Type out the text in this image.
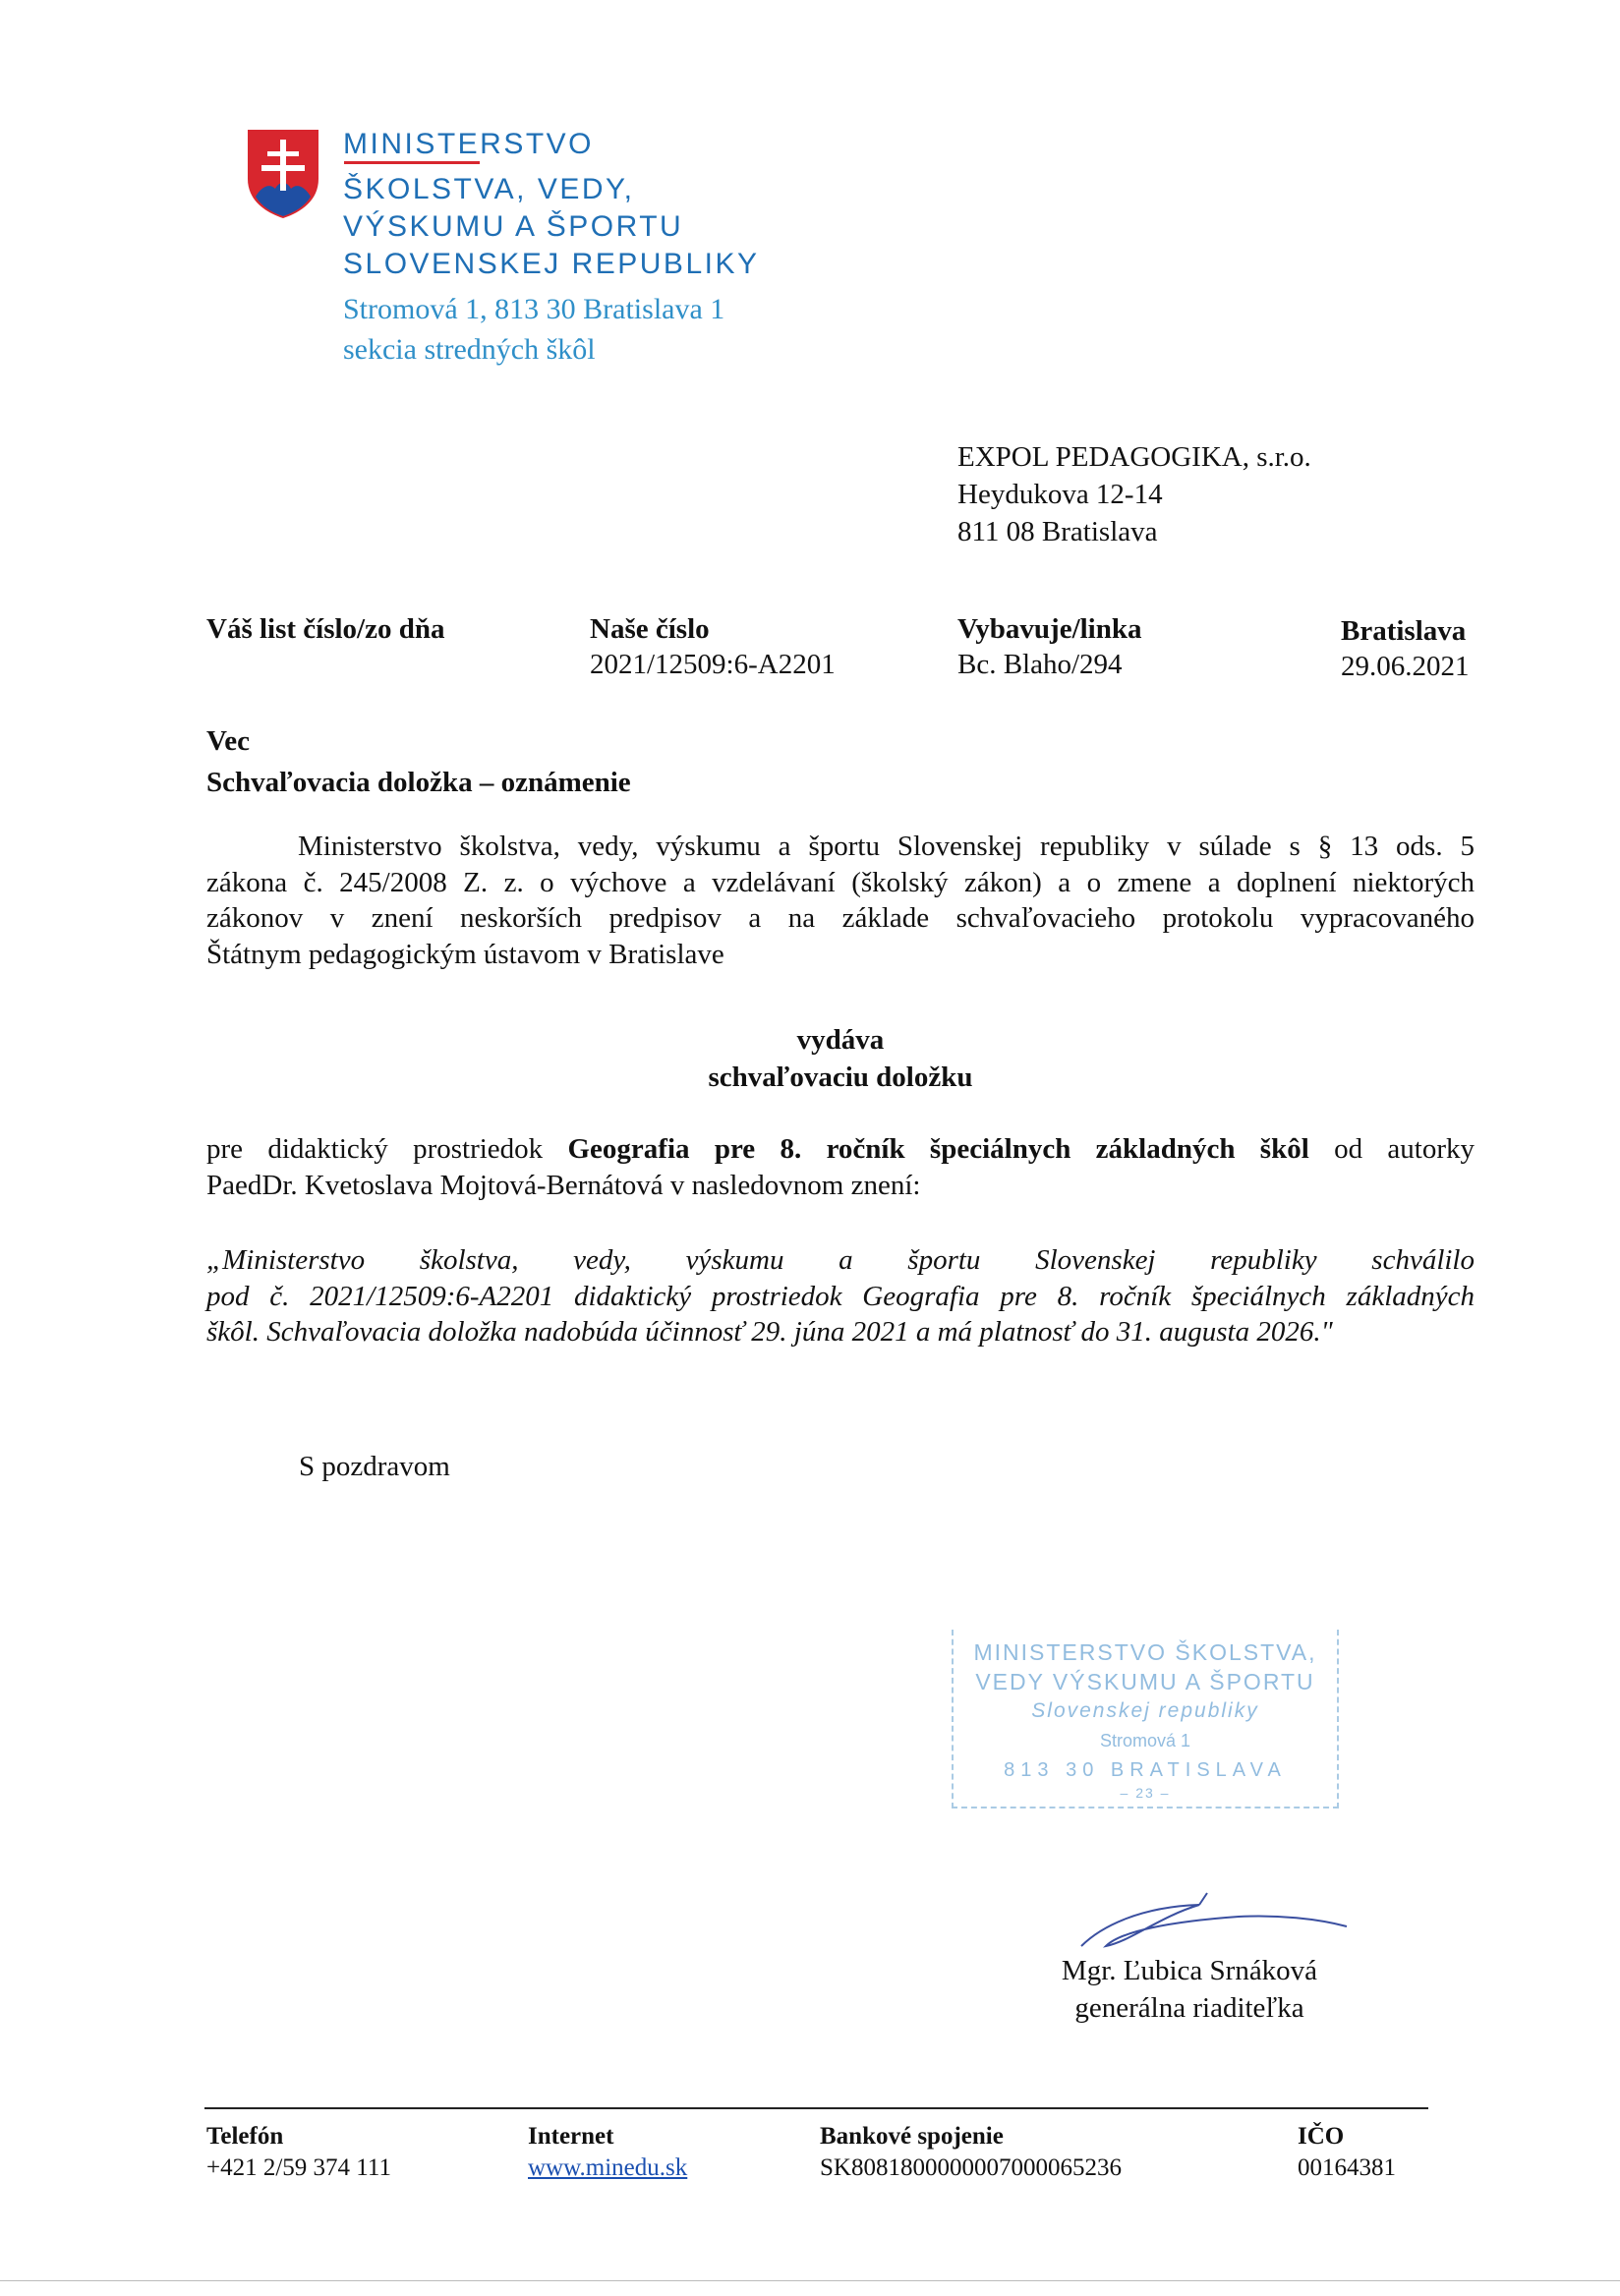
MINISTERSTVO
ŠKOLSTVA, VEDY,
VÝSKUMU A ŠPORTU
SLOVENSKEJ REPUBLIKY
Stromová 1, 813 30 Bratislava 1
sekcia stredných škôl
EXPOL PEDAGOGIKA, s.r.o.
Heydukova 12-14
811 08 Bratislava
Váš list číslo/zo dňa	Naše číslo
2021/12509:6-A2201
Vybavuje/linka
Bc. Blaho/294
Bratislava
29.06.2021
Vec
Schvaľovacia doložka – oznámenie
Ministerstvo školstva, vedy, výskumu a športu Slovenskej republiky v súlade s § 13 ods. 5
zákona č. 245/2008 Z. z. o výchove a vzdelávaní (školský zákon) a o zmene a doplnení niektorých
zákonov v znení neskorších predpisov a na základe schvaľovacieho protokolu vypracovaného
Štátnym pedagogickým ústavom v Bratislave
vydáva
schvaľovaciu doložku
pre didaktický prostriedok Geografia pre 8. ročník špeciálnych základných škôl od autorky
PaedDr. Kvetoslava Mojtová-Bernátová v nasledovnom znení:
„Ministerstvo školstva, vedy, výskumu a športu Slovenskej republiky schválilo
pod č. 2021/12509:6-A2201 didaktický prostriedok Geografia pre 8. ročník špeciálnych základných
škôl. Schvaľovacia doložka nadobúda účinnosť 29. júna 2021 a má platnosť do 31. augusta 2026."
S pozdravom
MINISTERSTVO ŠKOLSTVA,
VEDY VÝSKUMU A ŠPORTU
Slovenskej republiky
Stromová 1
813 30 BRATISLAVA
– 23 –
Mgr. Ľubica Srnáková
generálna riaditeľka
Telefón
+421 2/59 374 111
Internet
www.minedu.sk
Bankové spojenie
SK8081800000007000065236
IČO
00164381
